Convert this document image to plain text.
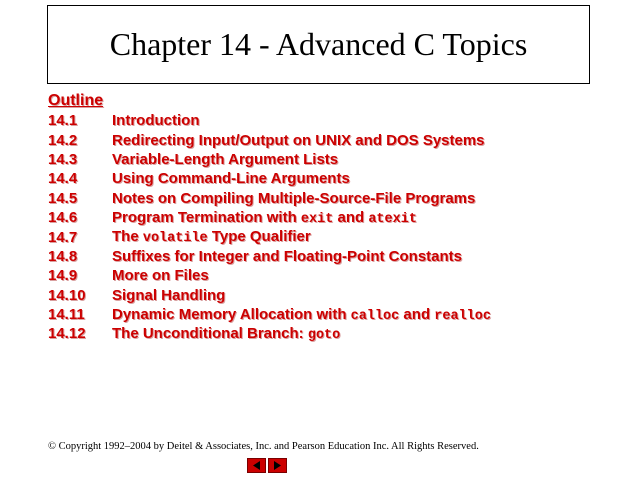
Chapter 14 - Advanced C Topics
Outline
14.1	Introduction
14.2	Redirecting Input/Output on UNIX and DOS Systems
14.3	Variable-Length Argument Lists
14.4	Using Command-Line Arguments
14.5	Notes on Compiling Multiple-Source-File Programs
14.6	Program Termination with exit and atexit
14.7	The volatile Type Qualifier
14.8	Suffixes for Integer and Floating-Point Constants
14.9	More on Files
14.10	Signal Handling
14.11	Dynamic Memory Allocation with calloc and realloc
14.12	The Unconditional Branch: goto
© Copyright 1992–2004 by Deitel & Associates, Inc. and Pearson Education Inc. All Rights Reserved.
